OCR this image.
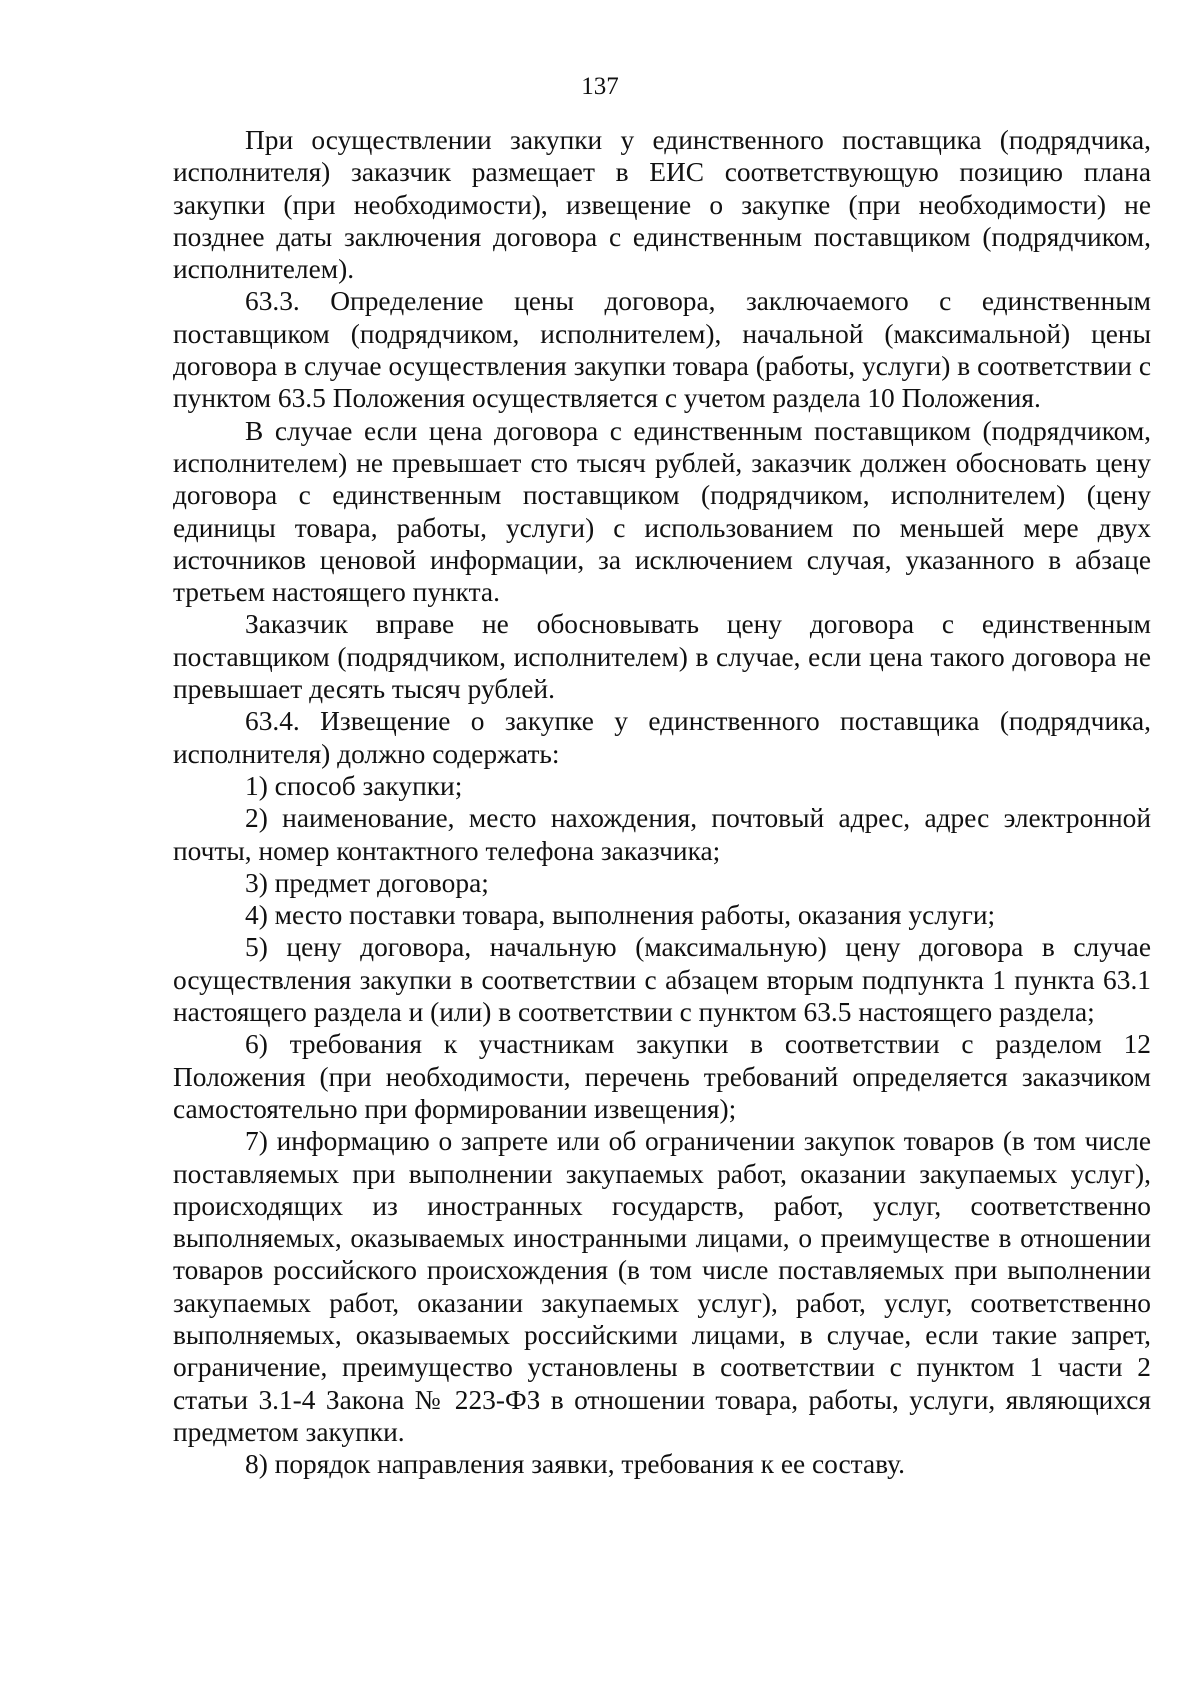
137

При осуществлении закупки у единственного поставщика (подрядчика, исполнителя) заказчик размещает в ЕИС соответствующую позицию плана закупки (при необходимости), извещение о закупке (при необходимости) не позднее даты заключения договора с единственным поставщиком (подрядчиком, исполнителем).

63.3. Определение цены договора, заключаемого с единственным поставщиком (подрядчиком, исполнителем), начальной (максимальной) цены договора в случае осуществления закупки товара (работы, услуги) в соответствии с пунктом 63.5 Положения осуществляется с учетом раздела 10 Положения.

В случае если цена договора с единственным поставщиком (подрядчиком, исполнителем) не превышает сто тысяч рублей, заказчик должен обосновать цену договора с единственным поставщиком (подрядчиком, исполнителем) (цену единицы товара, работы, услуги) с использованием по меньшей мере двух источников ценовой информации, за исключением случая, указанного в абзаце третьем настоящего пункта.

Заказчик вправе не обосновывать цену договора с единственным поставщиком (подрядчиком, исполнителем) в случае, если цена такого договора не превышает десять тысяч рублей.

63.4. Извещение о закупке у единственного поставщика (подрядчика, исполнителя) должно содержать:

1) способ закупки;

2) наименование, место нахождения, почтовый адрес, адрес электронной почты, номер контактного телефона заказчика;

3) предмет договора;

4) место поставки товара, выполнения работы, оказания услуги;

5) цену договора, начальную (максимальную) цену договора в случае осуществления закупки в соответствии с абзацем вторым подпункта 1 пункта 63.1 настоящего раздела и (или) в соответствии с пунктом 63.5 настоящего раздела;

6) требования к участникам закупки в соответствии с разделом 12 Положения (при необходимости, перечень требований определяется заказчиком самостоятельно при формировании извещения);

7) информацию о запрете или об ограничении закупок товаров (в том числе поставляемых при выполнении закупаемых работ, оказании закупаемых услуг), происходящих из иностранных государств, работ, услуг, соответственно выполняемых, оказываемых иностранными лицами, о преимуществе в отношении товаров российского происхождения (в том числе поставляемых при выполнении закупаемых работ, оказании закупаемых услуг), работ, услуг, соответственно выполняемых, оказываемых российскими лицами, в случае, если такие запрет, ограничение, преимущество установлены в соответствии с пунктом 1 части 2 статьи 3.1-4 Закона № 223-ФЗ в отношении товара, работы, услуги, являющихся предметом закупки.

8) порядок направления заявки, требования к ее составу.
